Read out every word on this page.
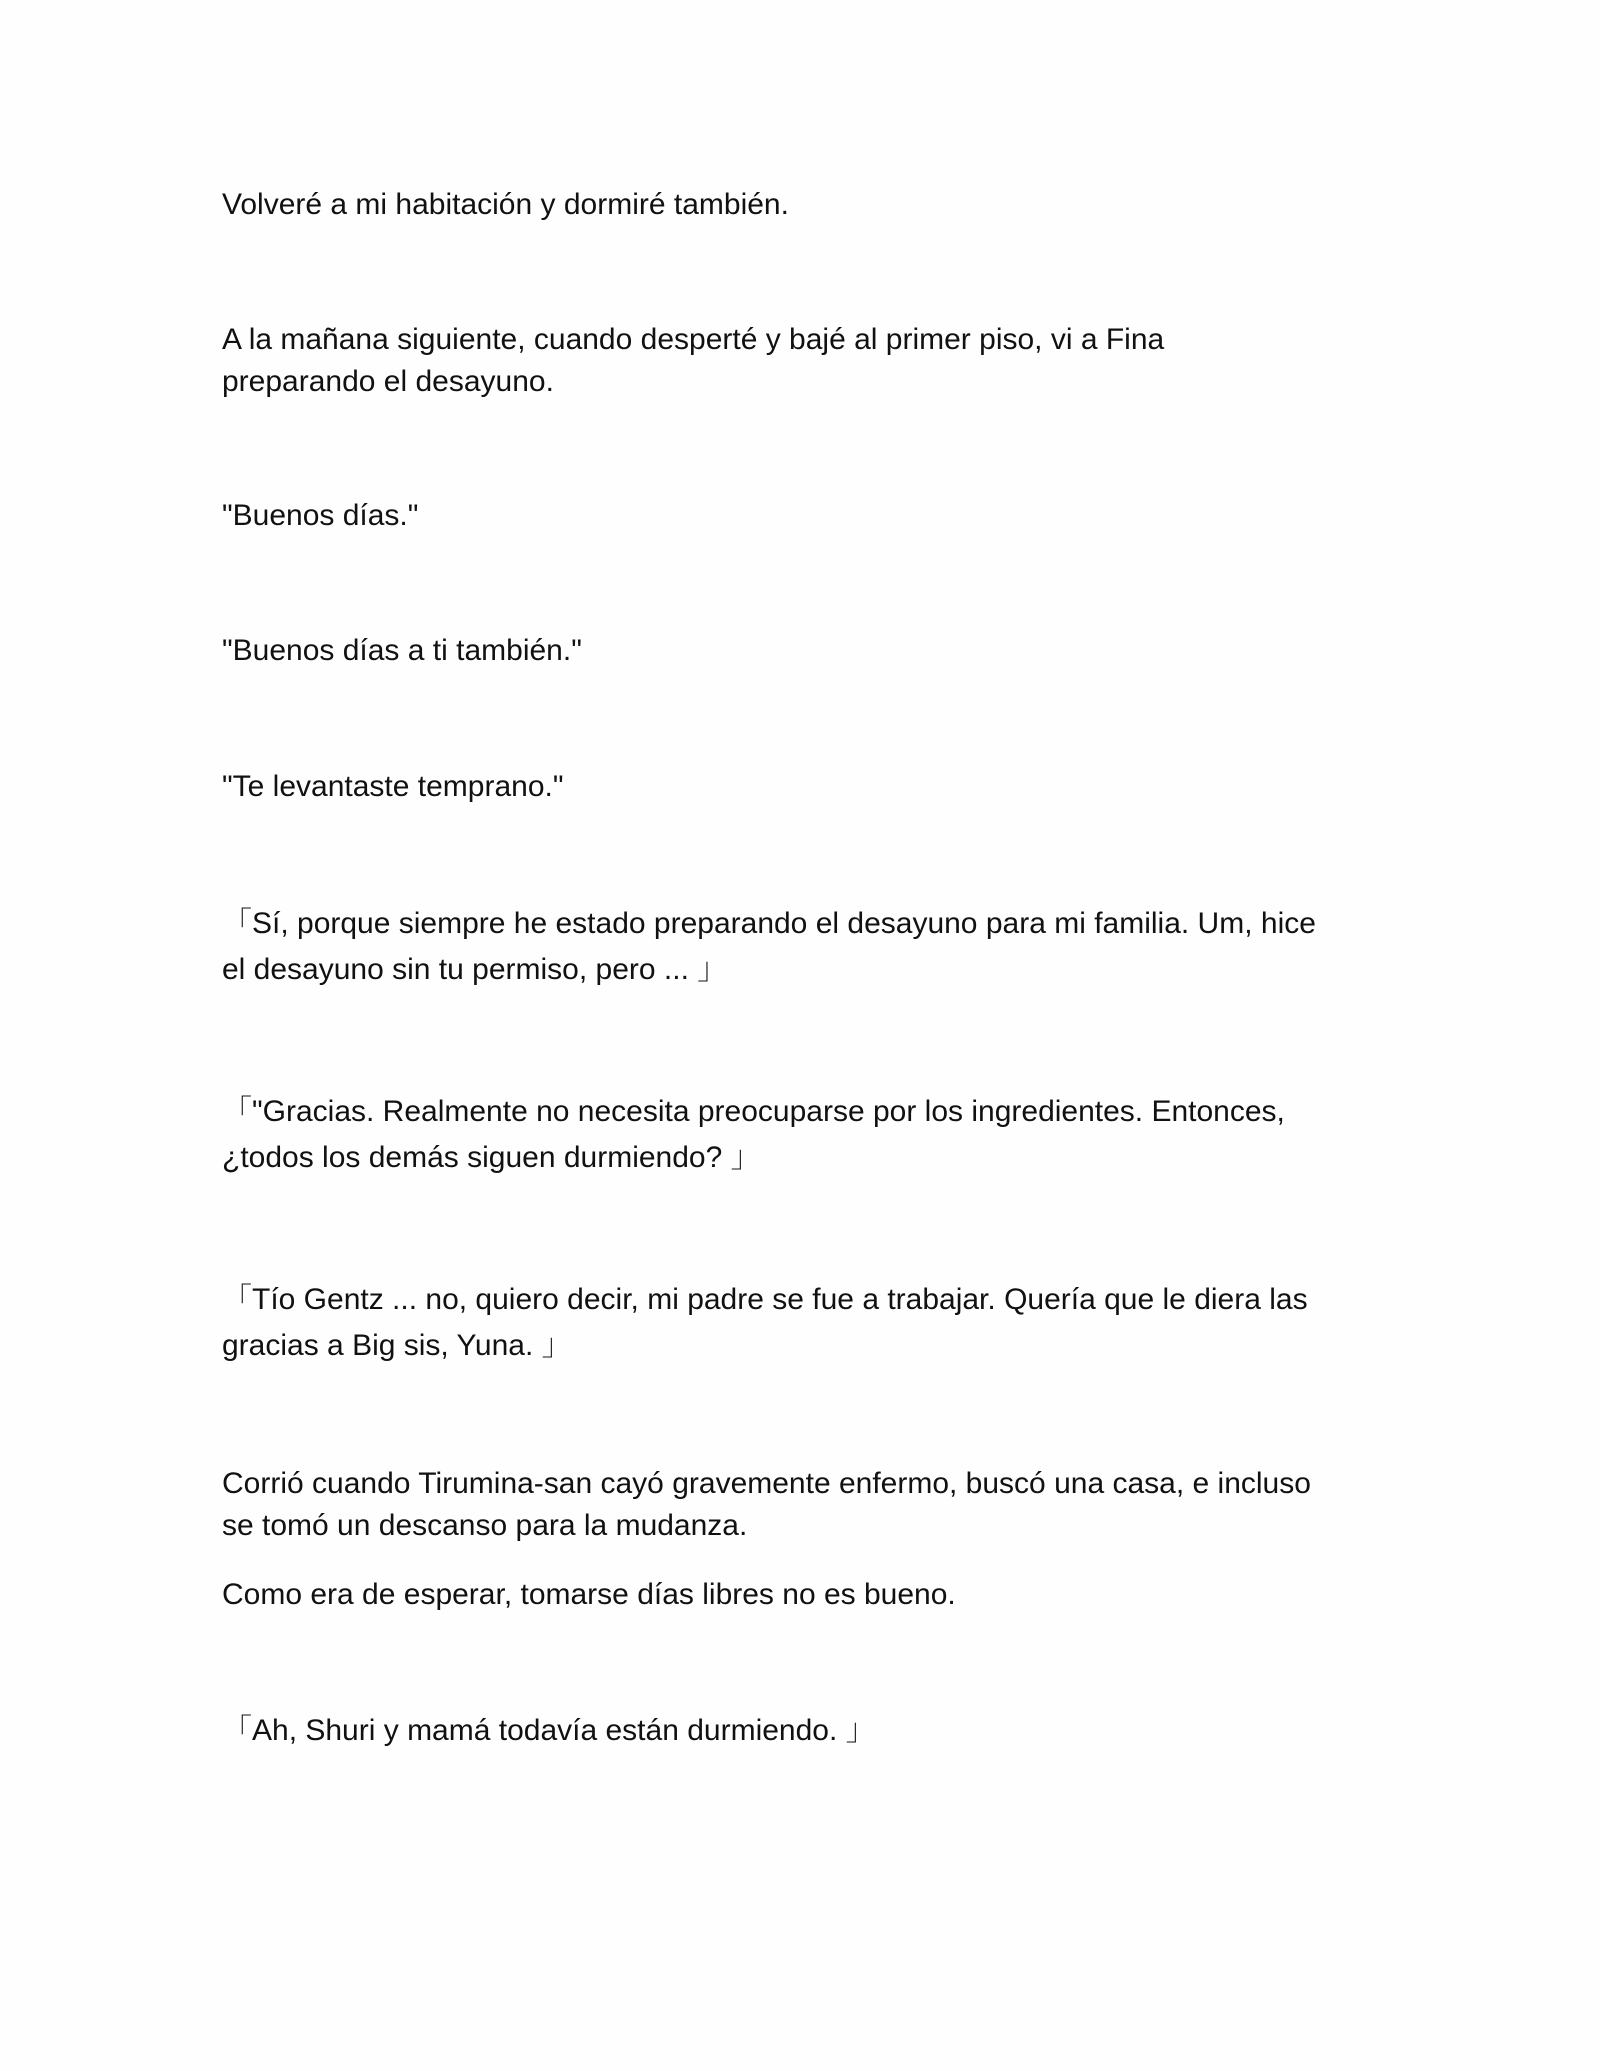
Volveré a mi habitación y dormiré también.

A la mañana siguiente, cuando desperté y bajé al primer piso, vi a Fina
preparando el desayuno.

"Buenos días."

"Buenos días a ti también."

"Te levantaste temprano."

「Sí, porque siempre he estado preparando el desayuno para mi familia. Um, hice
el desayuno sin tu permiso, pero ... 」

「"Gracias. Realmente no necesita preocuparse por los ingredientes. Entonces,
¿todos los demás siguen durmiendo? 」

「Tío Gentz ... no, quiero decir, mi padre se fue a trabajar. Quería que le diera las
gracias a Big sis, Yuna. 」

Corrió cuando Tirumina-san cayó gravemente enfermo, buscó una casa, e incluso
se tomó un descanso para la mudanza.

Como era de esperar, tomarse días libres no es bueno.

「Ah, Shuri y mamá todavía están durmiendo. 」
